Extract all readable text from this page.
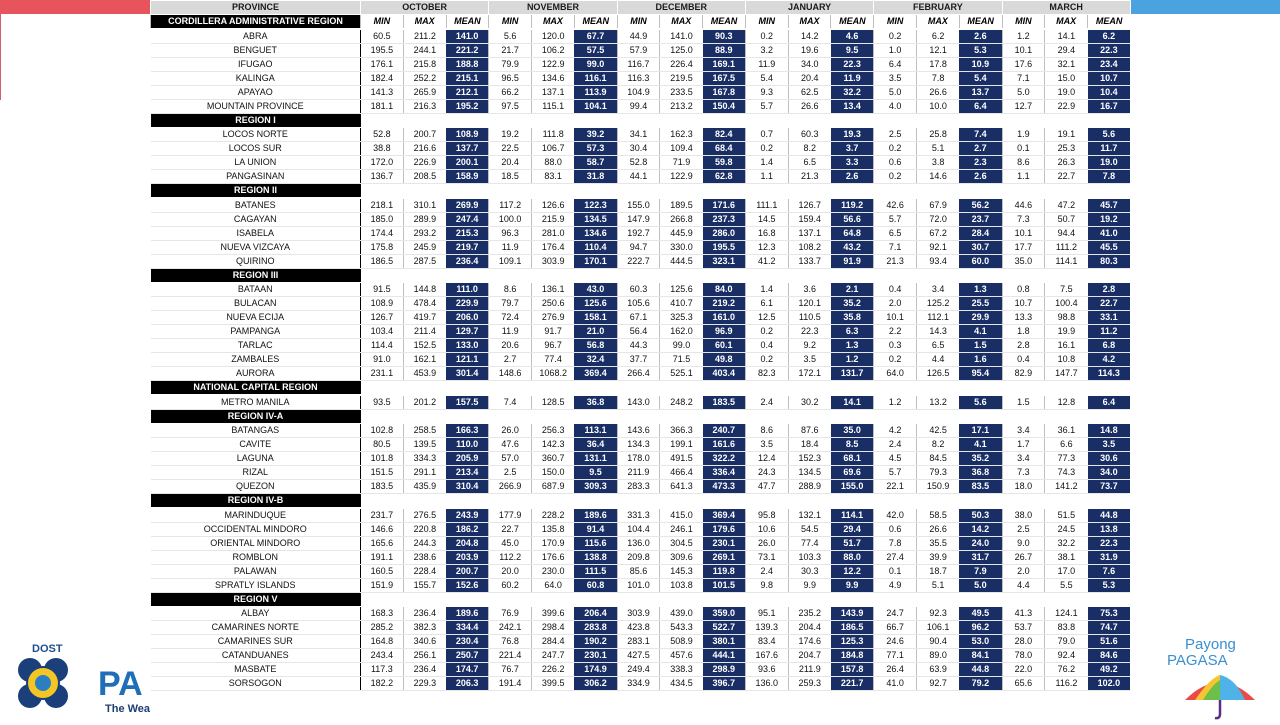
PROVINCE	OCTOBER			NOVEMBER			DECEMBER			JANUARY			FEBRUARY			MARCH		
CORDILLERA ADMINISTRATIVE REGION	MIN	MAX	MEAN	MIN	MAX	MEAN	MIN	MAX	MEAN	MIN	MAX	MEAN	MIN	MAX	MEAN	MIN	MAX	MEAN

ABRA	60.5	211.2	141.0	5.6	120.0	67.7	44.9	141.0	90.3	0.2	14.2	4.6	0.2	6.2	2.6	1.2	14.1	6.2
BENGUET	195.5	244.1	221.2	21.7	106.2	57.5	57.9	125.0	88.9	3.2	19.6	9.5	1.0	12.1	5.3	10.1	29.4	22.3
IFUGAO	176.1	215.8	188.8	79.9	122.9	99.0	116.7	226.4	169.1	11.9	34.0	22.3	6.4	17.8	10.9	17.6	32.1	23.4
KALINGA	182.4	252.2	215.1	96.5	134.6	116.1	116.3	219.5	167.5	5.4	20.4	11.9	3.5	7.8	5.4	7.1	15.0	10.7
APAYAO	141.3	265.9	212.1	66.2	137.1	113.9	104.9	233.5	167.8	9.3	62.5	32.2	5.0	26.6	13.7	5.0	19.0	10.4
MOUNTAIN PROVINCE	181.1	216.3	195.2	97.5	115.1	104.1	99.4	213.2	150.4	5.7	26.6	13.4	4.0	10.0	6.4	12.7	22.9	16.7
REGION I																		

LOCOS NORTE	52.8	200.7	108.9	19.2	111.8	39.2	34.1	162.3	82.4	0.7	60.3	19.3	2.5	25.8	7.4	1.9	19.1	5.6
LOCOS SUR	38.8	216.6	137.7	22.5	106.7	57.3	30.4	109.4	68.4	0.2	8.2	3.7	0.2	5.1	2.7	0.1	25.3	11.7
LA UNION	172.0	226.9	200.1	20.4	88.0	58.7	52.8	71.9	59.8	1.4	6.5	3.3	0.6	3.8	2.3	8.6	26.3	19.0
PANGASINAN	136.7	208.5	158.9	18.5	83.1	31.8	44.1	122.9	62.8	1.1	21.3	2.6	0.2	14.6	2.6	1.1	22.7	7.8
REGION II																		

BATANES	218.1	310.1	269.9	117.2	126.6	122.3	155.0	189.5	171.6	111.1	126.7	119.2	42.6	67.9	56.2	44.6	47.2	45.7
CAGAYAN	185.0	289.9	247.4	100.0	215.9	134.5	147.9	266.8	237.3	14.5	159.4	56.6	5.7	72.0	23.7	7.3	50.7	19.2
ISABELA	174.4	293.2	215.3	96.3	281.0	134.6	192.7	445.9	286.0	16.8	137.1	64.8	6.5	67.2	28.4	10.1	94.4	41.0
NUEVA VIZCAYA	175.8	245.9	219.7	11.9	176.4	110.4	94.7	330.0	195.5	12.3	108.2	43.2	7.1	92.1	30.7	17.7	111.2	45.5
QUIRINO	186.5	287.5	236.4	109.1	303.9	170.1	222.7	444.5	323.1	41.2	133.7	91.9	21.3	93.4	60.0	35.0	114.1	80.3
REGION III																		

BATAAN	91.5	144.8	111.0	8.6	136.1	43.0	60.3	125.6	84.0	1.4	3.6	2.1	0.4	3.4	1.3	0.8	7.5	2.8
BULACAN	108.9	478.4	229.9	79.7	250.6	125.6	105.6	410.7	219.2	6.1	120.1	35.2	2.0	125.2	25.5	10.7	100.4	22.7
NUEVA ECIJA	126.7	419.7	206.0	72.4	276.9	158.1	67.1	325.3	161.0	12.5	110.5	35.8	10.1	112.1	29.9	13.3	98.8	33.1
PAMPANGA	103.4	211.4	129.7	11.9	91.7	21.0	56.4	162.0	96.9	0.2	22.3	6.3	2.2	14.3	4.1	1.8	19.9	11.2
TARLAC	114.4	152.5	133.0	20.6	96.7	56.8	44.3	99.0	60.1	0.4	9.2	1.3	0.3	6.5	1.5	2.8	16.1	6.8
ZAMBALES	91.0	162.1	121.1	2.7	77.4	32.4	37.7	71.5	49.8	0.2	3.5	1.2	0.2	4.4	1.6	0.4	10.8	4.2
AURORA	231.1	453.9	301.4	148.6	1068.2	369.4	266.4	525.1	403.4	82.3	172.1	131.7	64.0	126.5	95.4	82.9	147.7	114.3
NATIONAL CAPITAL REGION																		

METRO MANILA	93.5	201.2	157.5	7.4	128.5	36.8	143.0	248.2	183.5	2.4	30.2	14.1	1.2	13.2	5.6	1.5	12.8	6.4
REGION IV-A																		

BATANGAS	102.8	258.5	166.3	26.0	256.3	113.1	143.6	366.3	240.7	8.6	87.6	35.0	4.2	42.5	17.1	3.4	36.1	14.8
CAVITE	80.5	139.5	110.0	47.6	142.3	36.4	134.3	199.1	161.6	3.5	18.4	8.5	2.4	8.2	4.1	1.7	6.6	3.5
LAGUNA	101.8	334.3	205.9	57.0	360.7	131.1	178.0	491.5	322.2	12.4	152.3	68.1	4.5	84.5	35.2	3.4	77.3	30.6
RIZAL	151.5	291.1	213.4	2.5	150.0	9.5	211.9	466.4	336.4	24.3	134.5	69.6	5.7	79.3	36.8	7.3	74.3	34.0
QUEZON	183.5	435.9	310.4	266.9	687.9	309.3	283.3	641.3	473.3	47.7	288.9	155.0	22.1	150.9	83.5	18.0	141.2	73.7
REGION IV-B																		

MARINDUQUE	231.7	276.5	243.9	177.9	228.2	189.6	331.3	415.0	369.4	95.8	132.1	114.1	42.0	58.5	50.3	38.0	51.5	44.8
OCCIDENTAL MINDORO	146.6	220.8	186.2	22.7	135.8	91.4	104.4	246.1	179.6	10.6	54.5	29.4	0.6	26.6	14.2	2.5	24.5	13.8
ORIENTAL MINDORO	165.6	244.3	204.8	45.0	170.9	115.6	136.0	304.5	230.1	26.0	77.4	51.7	7.8	35.5	24.0	9.0	32.2	22.3
ROMBLON	191.1	238.6	203.9	112.2	176.6	138.8	209.8	309.6	269.1	73.1	103.3	88.0	27.4	39.9	31.7	26.7	38.1	31.9
PALAWAN	160.5	228.4	200.7	20.0	230.0	111.5	85.6	145.3	119.8	2.4	30.3	12.2	0.1	18.7	7.9	2.0	17.0	7.6
SPRATLY ISLANDS	151.9	155.7	152.6	60.2	64.0	60.8	101.0	103.8	101.5	9.8	9.9	9.9	4.9	5.1	5.0	4.4	5.5	5.3
REGION V																		

ALBAY	168.3	236.4	189.6	76.9	399.6	206.4	303.9	439.0	359.0	95.1	235.2	143.9	24.7	92.3	49.5	41.3	124.1	75.3
CAMARINES NORTE	285.2	382.3	334.4	242.1	298.4	283.8	423.8	543.3	522.7	139.3	204.4	186.5	66.7	106.1	96.2	53.7	83.8	74.7
CAMARINES SUR	164.8	340.6	230.4	76.8	284.4	190.2	283.1	508.9	380.1	83.4	174.6	125.3	24.6	90.4	53.0	28.0	79.0	51.6
CATANDUANES	243.4	256.1	250.7	221.4	247.7	230.1	427.5	457.6	444.1	167.6	204.7	184.8	77.1	89.0	84.1	78.0	92.4	84.6
MASBATE	117.3	236.4	174.7	76.7	226.2	174.9	249.4	338.3	298.9	93.6	211.9	157.8	26.4	63.9	44.8	22.0	76.2	49.2
SORSOGON	182.2	229.3	206.3	191.4	399.5	306.2	334.9	434.5	396.7	136.0	259.3	221.7	41.0	92.7	79.2	65.6	116.2	102.0
DOST
PA
The Wea
Payong
PAGASA
